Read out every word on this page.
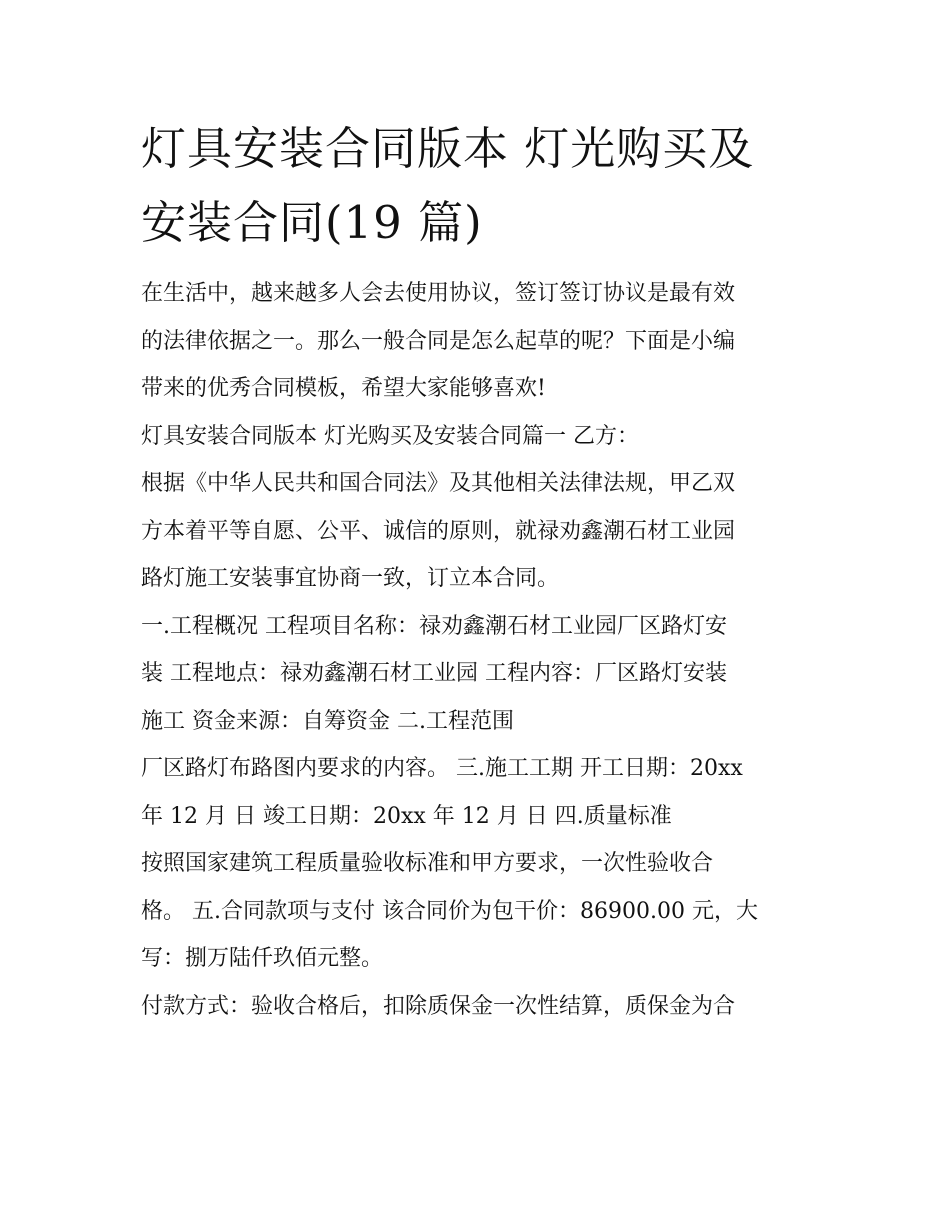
灯具安装合同版本 灯光购买及
安装合同(19 篇)
在生活中，越来越多人会去使用协议，签订签订协议是最有效
的法律依据之一。那么一般合同是怎么起草的呢？下面是小编
带来的优秀合同模板，希望大家能够喜欢!
灯具安装合同版本 灯光购买及安装合同篇一 乙方：
根据《中华人民共和国合同法》及其他相关法律法规，甲乙双
方本着平等自愿、公平、诚信的原则，就禄劝鑫潮石材工业园
路灯施工安装事宜协商一致，订立本合同。
一.工程概况 工程项目名称：禄劝鑫潮石材工业园厂区路灯安
装 工程地点：禄劝鑫潮石材工业园 工程内容：厂区路灯安装
施工 资金来源：自筹资金 二.工程范围
厂区路灯布路图内要求的内容。 三.施工工期 开工日期：20xx
年 12 月 日 竣工日期：20xx 年 12 月 日 四.质量标准
按照国家建筑工程质量验收标准和甲方要求，一次性验收合
格。 五.合同款项与支付 该合同价为包干价：86900.00 元，大
写：捌万陆仟玖佰元整。
付款方式：验收合格后，扣除质保金一次性结算，质保金为合
